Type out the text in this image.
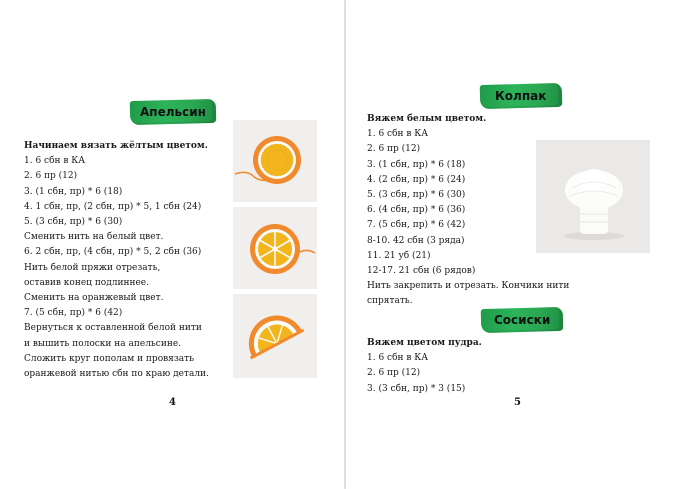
Апельсин
Начинаем вязать жёлтым цветом.
1. 6 сбн в КА
2. 6 пр (12)
3. (1 сбн, пр) * 6 (18)
4. 1 сбн, пр, (2 сбн, пр) * 5, 1 сбн (24)
5. (3 сбн, пр) * 6 (30)
Сменить нить на белый цвет.
6. 2 сбн, пр, (4 сбн, пр) * 5, 2 сбн (36)
Нить белой пряжи отрезать,
оставив конец подлиннее.
Сменить на оранжевый цвет.
7. (5 сбн, пр) * 6 (42)
Вернуться к оставленной белой нити
и вышить полоски на апельсине.
Сложить круг пополам и провязать
оранжевой нитью сбн по краю детали.
4
Колпак
Вяжем белым цветом.
1. 6 сбн в КА
2. 6 пр (12)
3. (1 сбн, пр) * 6 (18)
4. (2 сбн, пр) * 6 (24)
5. (3 сбн, пр) * 6 (30)
6. (4 сбн, пр) * 6 (36)
7. (5 сбн, пр) * 6 (42)
8-10. 42 сбн (3 ряда)
11. 21 уб (21)
12-17. 21 сбн (6 рядов)
Нить закрепить и отрезать. Кончики нити
спрятать.
Сосиски
Вяжем цветом пудра.
1. 6 сбн в КА
2. 6 пр (12)
3. (3 сбн, пр) * 3 (15)
5
